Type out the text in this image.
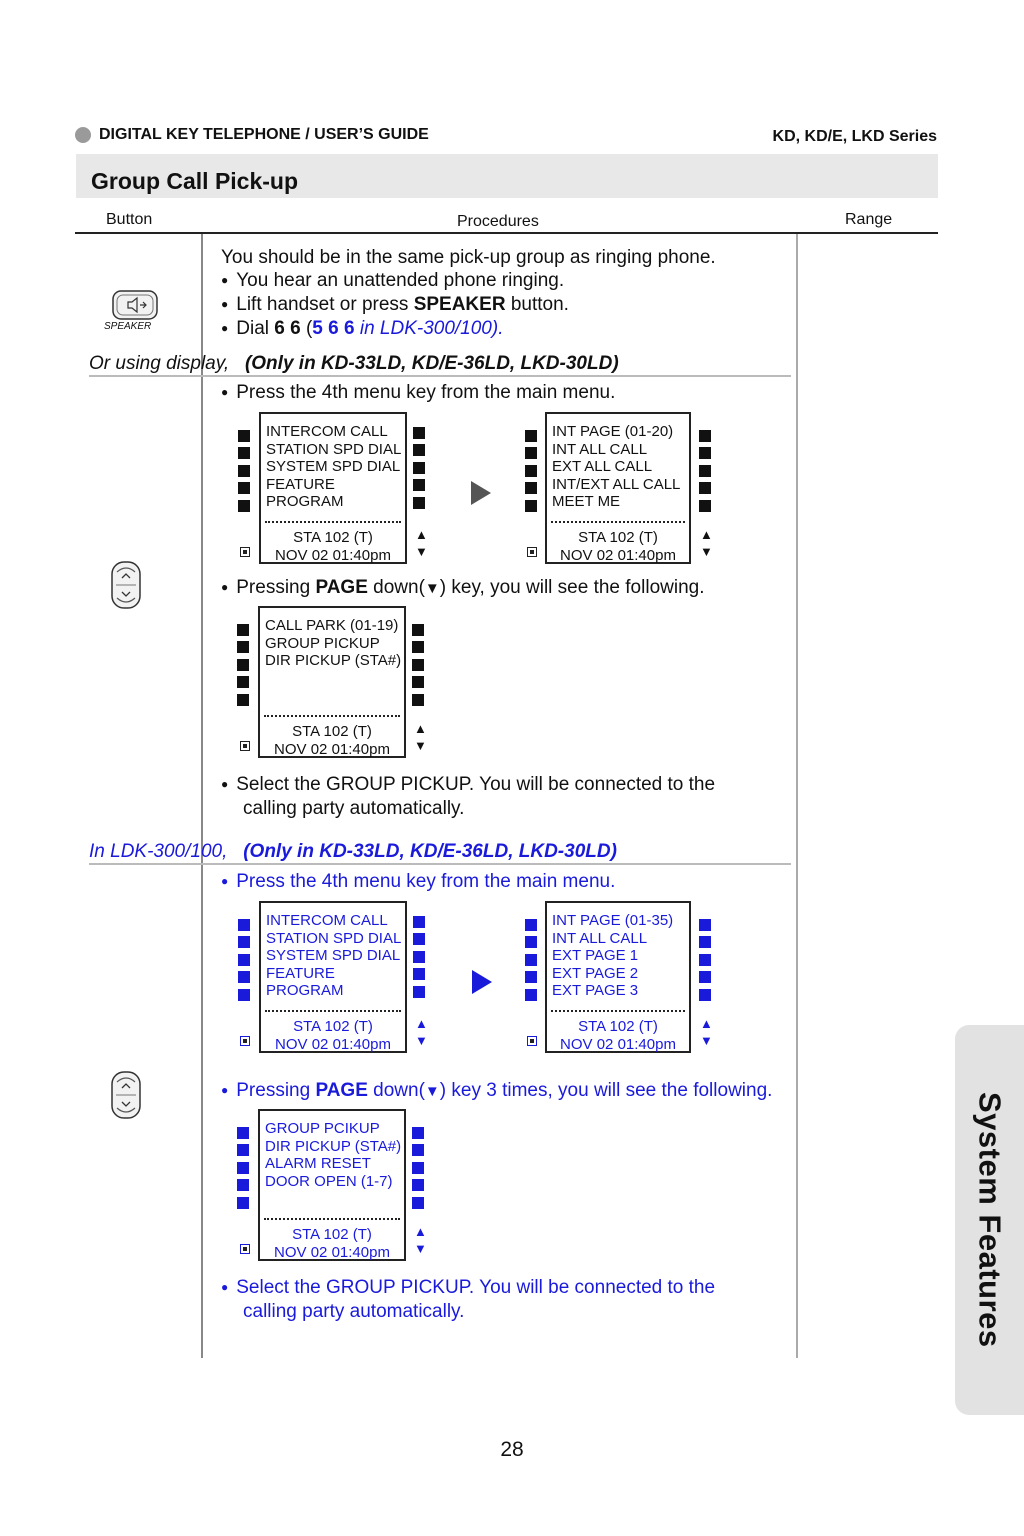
DIGITAL KEY TELEPHONE / USER’S GUIDE	KD, KD/E, LKD Series
Group Call Pick-up
Button	Procedures	Range
You should be in the same pick-up group as ringing phone.
● You hear an unattended phone ringing.
● Lift handset or press SPEAKER button.
● Dial 6 6 (5 6 6 in LDK-300/100).
SPEAKER
Or using display, (Only in KD-33LD, KD/E-36LD, LKD-30LD)
● Press the 4th menu key from the main menu.
INTERCOM CALL
STATION SPD DIAL
SYSTEM SPD DIAL
FEATURE
PROGRAM
STA 102 (T)
NOV 02 01:40pm
▲
▼
INT PAGE (01-20)
INT ALL CALL
EXT ALL CALL
INT/EXT ALL CALL
MEET ME
STA 102 (T)
NOV 02 01:40pm
▲
▼
● Pressing PAGE down(▼) key, you will see the following.
CALL PARK (01-19)
GROUP PICKUP
DIR PICKUP (STA#)
STA 102 (T)
NOV 02 01:40pm
▲
▼
● Select the GROUP PICKUP. You will be connected to the
calling party automatically.
In LDK-300/100, (Only in KD-33LD, KD/E-36LD, LKD-30LD)
● Press the 4th menu key from the main menu.
INTERCOM CALL
STATION SPD DIAL
SYSTEM SPD DIAL
FEATURE
PROGRAM
STA 102 (T)
NOV 02 01:40pm
▲
▼
INT PAGE (01-35)
INT ALL CALL
EXT PAGE 1
EXT PAGE 2
EXT PAGE 3
STA 102 (T)
NOV 02 01:40pm
▲
▼
● Pressing PAGE down(▼) key 3 times, you will see the following.
GROUP PCIKUP
DIR PICKUP (STA#)
ALARM RESET
DOOR OPEN (1-7)
STA 102 (T)
NOV 02 01:40pm
▲
▼
● Select the GROUP PICKUP. You will be connected to the
calling party automatically.	System Features
28
